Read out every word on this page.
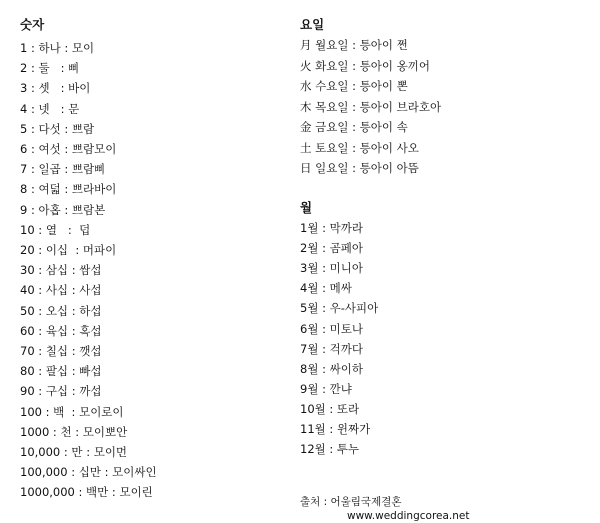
숫자
1 : 하나 : 모이
2 : 둘   : 삐
3 : 셋   : 바이
4 : 넷   : 문
5 : 다섯 : 쁘람
6 : 여섯 : 쁘람모이
7 : 일곱 : 쁘람삐
8 : 여덟 : 쁘라바이
9 : 아홉 : 쁘람본
10 : 열   :  덥
20 : 이십  : 머파이
30 : 삼십 : 쌈섭
40 : 사십 : 사섭
50 : 오십 : 하섭
60 : 육십 : 혹섭
70 : 칠십 : 깻섭
80 : 팔십 : 빠섭
90 : 구십 : 까섭
100 : 백  : 모이로이
1000 : 천 : 모이뽀안
10,000 : 만 : 모이먼
100,000 : 십만 : 모이싸인
1000,000 : 백만 : 모이린
요일
月 월요일 : 틍아이 쩐
火 화요일 : 틍아이 옹끼어
水 수요일 : 틍아이 뽄
木 목요일 : 틍아이 브라호아
金 금요일 : 틍아이 속
土 토요일 : 틍아이 사오
日 일요일 : 틍아이 아뜸
월
1월 : 막까라
2월 : 곰페아
3월 : 미니아
4월 : 메싸
5월 : 우-사피아
6월 : 미토나
7월 : 걱까다
8월 : 싸이하
9월 : 깐냐
10월 : 또라
11월 : 윈짜가
12월 : 투누
출처 : 어울림국제결혼
www.weddingcorea.net
